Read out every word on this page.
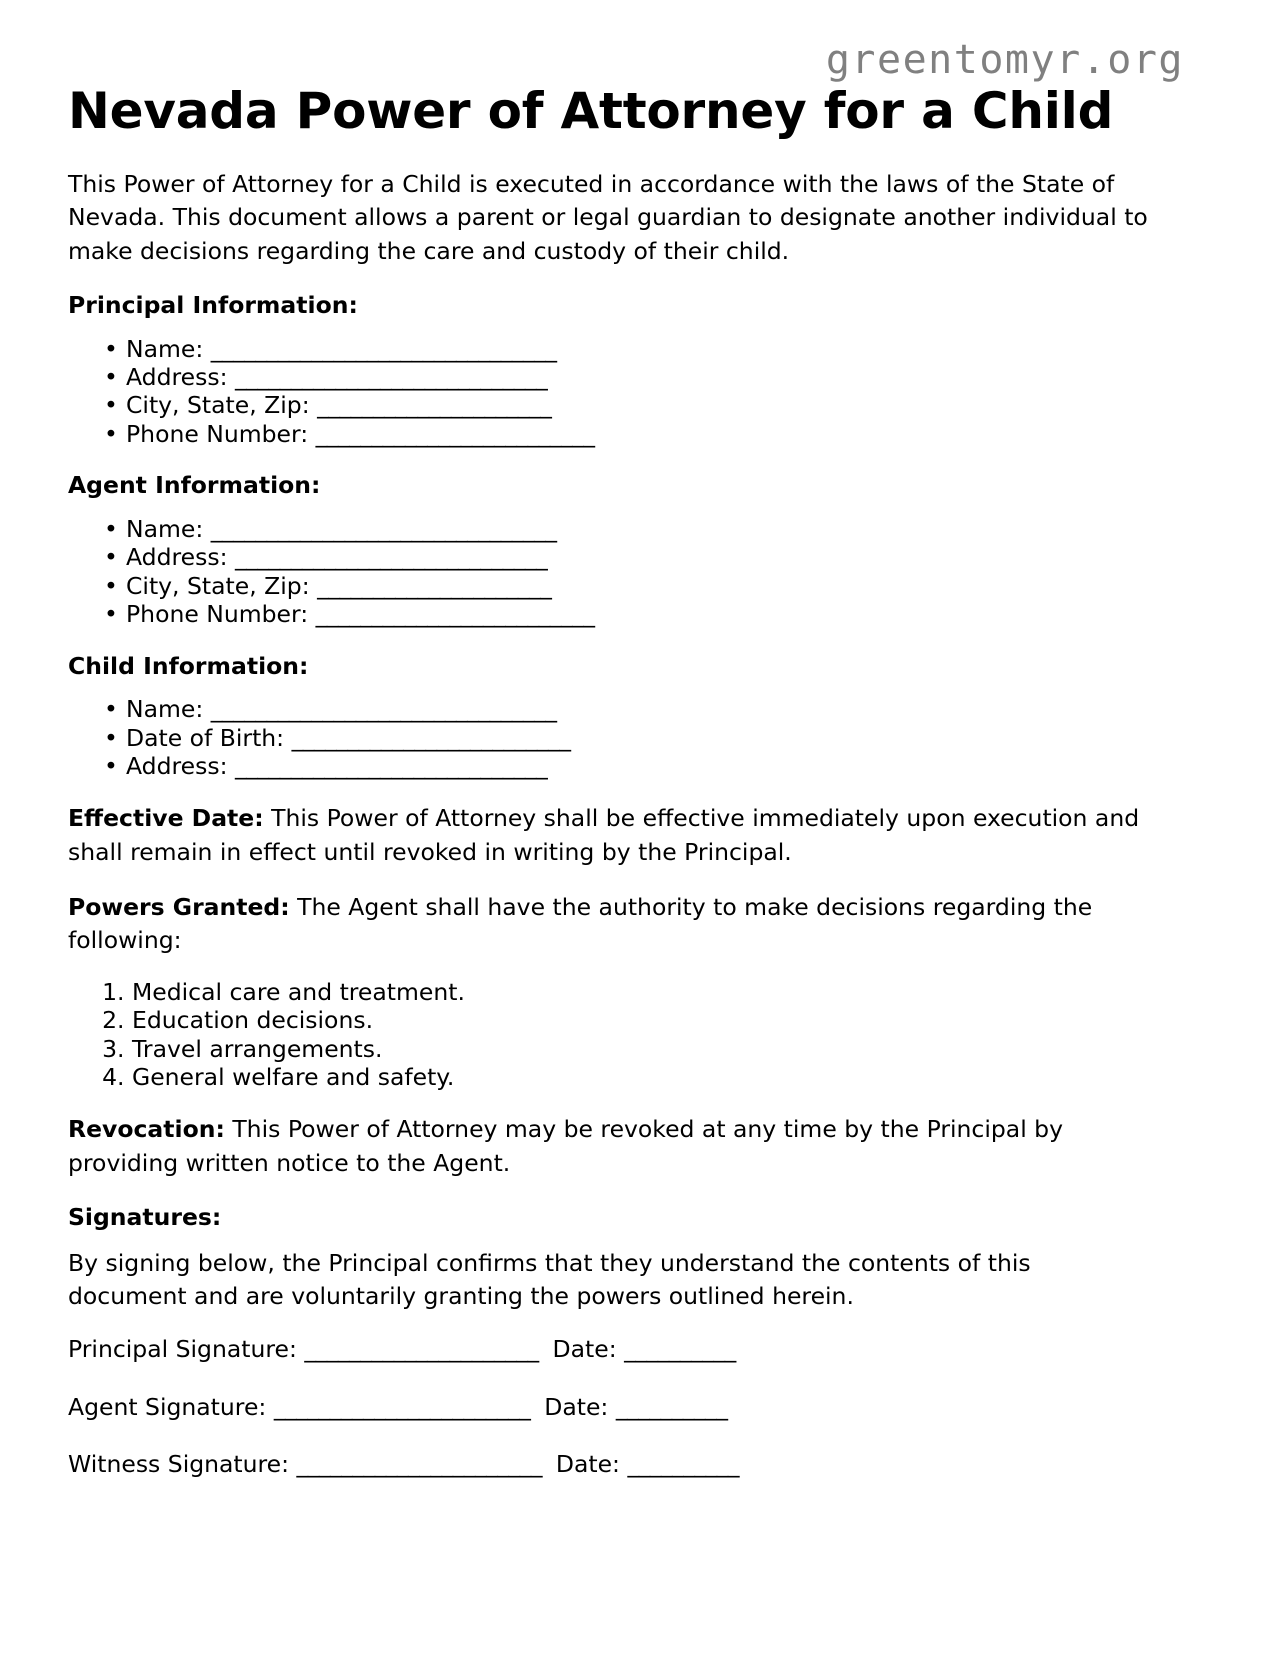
greentomyr.org
Nevada Power of Attorney for a Child

This Power of Attorney for a Child is executed in accordance with the laws of the State of Nevada. This document allows a parent or legal guardian to designate another individual to make decisions regarding the care and custody of their child.

Principal Information:
• Name: _______________________________
• Address: ____________________________
• City, State, Zip: _____________________
• Phone Number: _________________________
Agent Information:
• Name: _______________________________
• Address: ____________________________
• City, State, Zip: _____________________
• Phone Number: _________________________
Child Information:
• Name: _______________________________
• Date of Birth: _________________________
• Address: ____________________________

Effective Date: This Power of Attorney shall be effective immediately upon execution and shall remain in effect until revoked in writing by the Principal.

Powers Granted: The Agent shall have the authority to make decisions regarding the following:

1. Medical care and treatment.
2. Education decisions.
3. Travel arrangements.
4. General welfare and safety.

Revocation: This Power of Attorney may be revoked at any time by the Principal by providing written notice to the Agent.

Signatures:

By signing below, the Principal confirms that they understand the contents of this document and are voluntarily granting the powers outlined herein.

Principal Signature: _____________________ Date: __________
Agent Signature: _______________________ Date: __________
Witness Signature: ______________________ Date: __________
